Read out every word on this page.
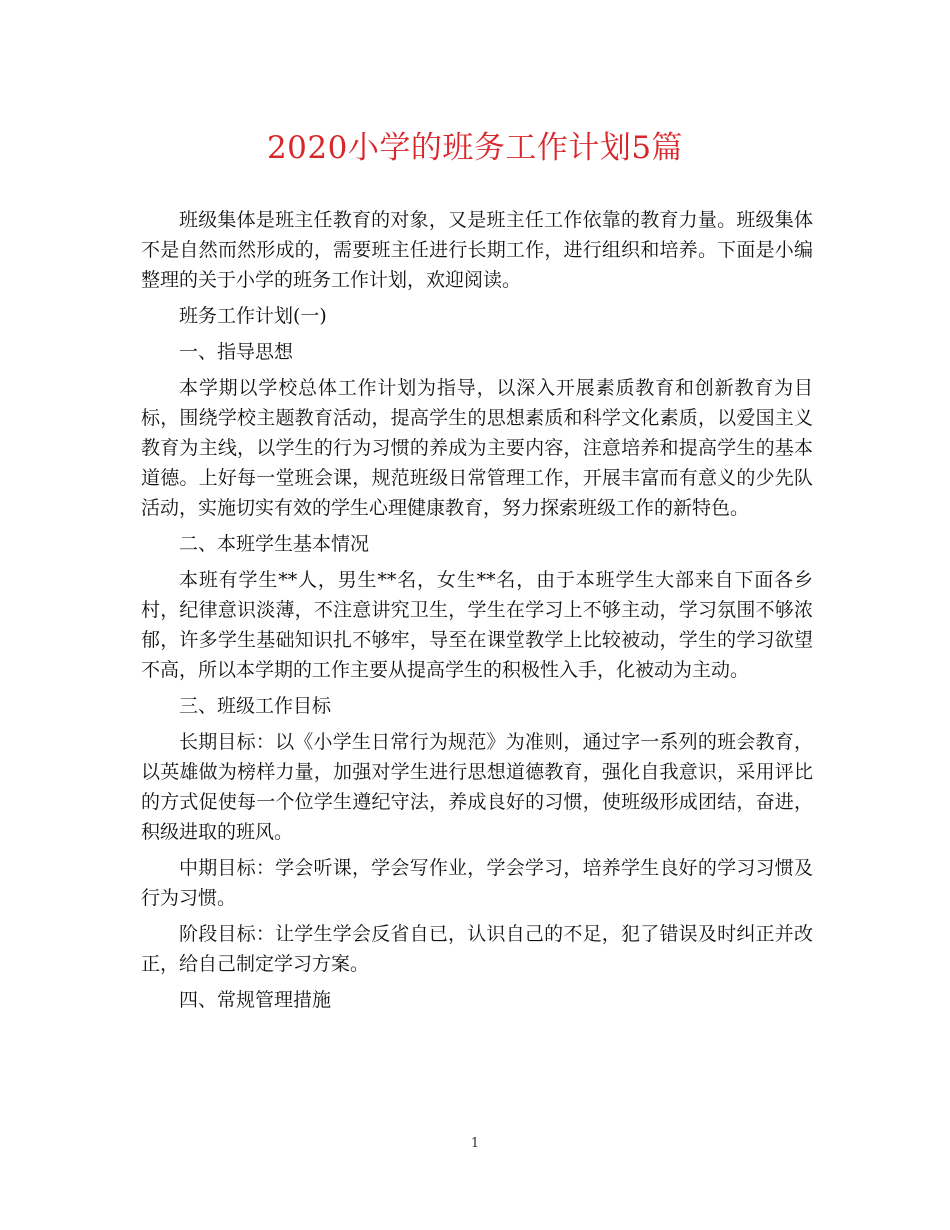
2020小学的班务工作计划5篇

班级集体是班主任教育的对象，又是班主任工作依靠的教育力量。班级集体不是自然而然形成的，需要班主任进行长期工作，进行组织和培养。下面是小编整理的关于小学的班务工作计划，欢迎阅读。

班务工作计划(一)

一、指导思想

本学期以学校总体工作计划为指导，以深入开展素质教育和创新教育为目标，围绕学校主题教育活动，提高学生的思想素质和科学文化素质，以爱国主义教育为主线，以学生的行为习惯的养成为主要内容，注意培养和提高学生的基本道德。上好每一堂班会课，规范班级日常管理工作，开展丰富而有意义的少先队活动，实施切实有效的学生心理健康教育，努力探索班级工作的新特色。

二、本班学生基本情况

本班有学生**人，男生**名，女生**名，由于本班学生大部来自下面各乡村，纪律意识淡薄，不注意讲究卫生，学生在学习上不够主动，学习氛围不够浓郁，许多学生基础知识扎不够牢，导至在课堂教学上比较被动，学生的学习欲望不高，所以本学期的工作主要从提高学生的积极性入手，化被动为主动。

三、班级工作目标

长期目标：以《小学生日常行为规范》为准则，通过字一系列的班会教育，以英雄做为榜样力量，加强对学生进行思想道德教育，强化自我意识，采用评比的方式促使每一个位学生遵纪守法，养成良好的习惯，使班级形成团结，奋进，积级进取的班风。

中期目标：学会听课，学会写作业，学会学习，培养学生良好的学习习惯及行为习惯。

阶段目标：让学生学会反省自已，认识自己的不足，犯了错误及时纠正并改正，给自己制定学习方案。

四、常规管理措施

1
